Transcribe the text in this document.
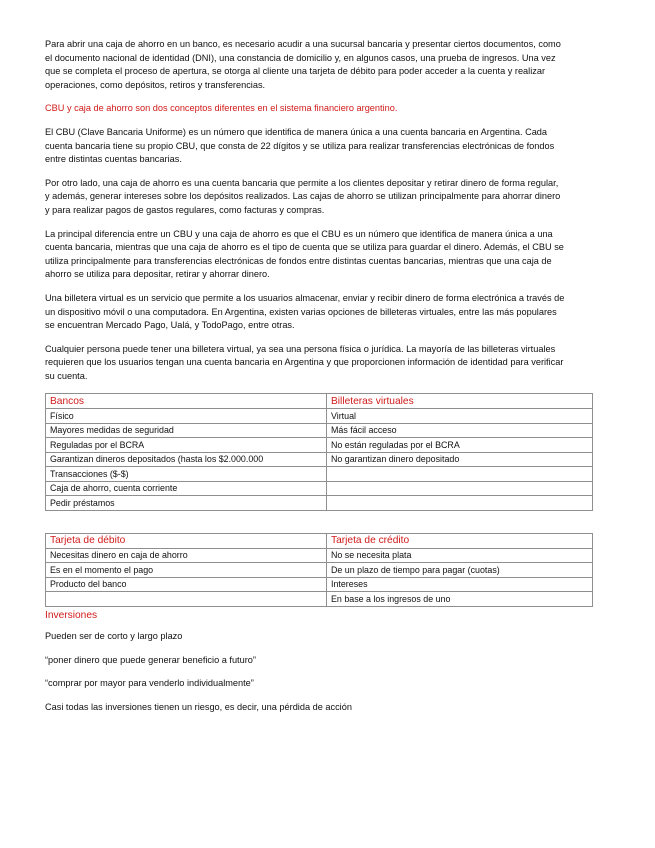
Para abrir una caja de ahorro en un banco, es necesario acudir a una sucursal bancaria y presentar ciertos documentos, como el documento nacional de identidad (DNI), una constancia de domicilio y, en algunos casos, una prueba de ingresos. Una vez que se completa el proceso de apertura, se otorga al cliente una tarjeta de débito para poder acceder a la cuenta y realizar operaciones, como depósitos, retiros y transferencias.

CBU y caja de ahorro son dos conceptos diferentes en el sistema financiero argentino.

El CBU (Clave Bancaria Uniforme) es un número que identifica de manera única a una cuenta bancaria en Argentina. Cada cuenta bancaria tiene su propio CBU, que consta de 22 dígitos y se utiliza para realizar transferencias electrónicas de fondos entre distintas cuentas bancarias.

Por otro lado, una caja de ahorro es una cuenta bancaria que permite a los clientes depositar y retirar dinero de forma regular, y además, generar intereses sobre los depósitos realizados. Las cajas de ahorro se utilizan principalmente para ahorrar dinero y para realizar pagos de gastos regulares, como facturas y compras.

La principal diferencia entre un CBU y una caja de ahorro es que el CBU es un número que identifica de manera única a una cuenta bancaria, mientras que una caja de ahorro es el tipo de cuenta que se utiliza para guardar el dinero. Además, el CBU se utiliza principalmente para transferencias electrónicas de fondos entre distintas cuentas bancarias, mientras que una caja de ahorro se utiliza para depositar, retirar y ahorrar dinero.

Una billetera virtual es un servicio que permite a los usuarios almacenar, enviar y recibir dinero de forma electrónica a través de un dispositivo móvil o una computadora. En Argentina, existen varias opciones de billeteras virtuales, entre las más populares se encuentran Mercado Pago, Ualá, y TodoPago, entre otras.

Cualquier persona puede tener una billetera virtual, ya sea una persona física o jurídica. La mayoría de las billeteras virtuales requieren que los usuarios tengan una cuenta bancaria en Argentina y que proporcionen información de identidad para verificar su cuenta.

Bancos	Billeteras virtuales
Físico	Virtual
Mayores medidas de seguridad	Más fácil acceso
Reguladas por el BCRA	No están reguladas por el BCRA
Garantizan dineros depositados (hasta los $2.000.000	No garantizan dinero depositado
Transacciones ($-$)	
Caja de ahorro, cuenta corriente	
Pedir préstamos	
Tarjeta de débito	Tarjeta de crédito
Necesitas dinero en caja de ahorro	No se necesita plata
Es en el momento el pago	De un plazo de tiempo para pagar (cuotas)
Producto del banco	Intereses
	En base a los ingresos de uno
Inversiones

Pueden ser de corto y largo plazo

“poner dinero que puede generar beneficio a futuro”

“comprar por mayor para venderlo individualmente”

Casi todas las inversiones tienen un riesgo, es decir, una pérdida de acción
